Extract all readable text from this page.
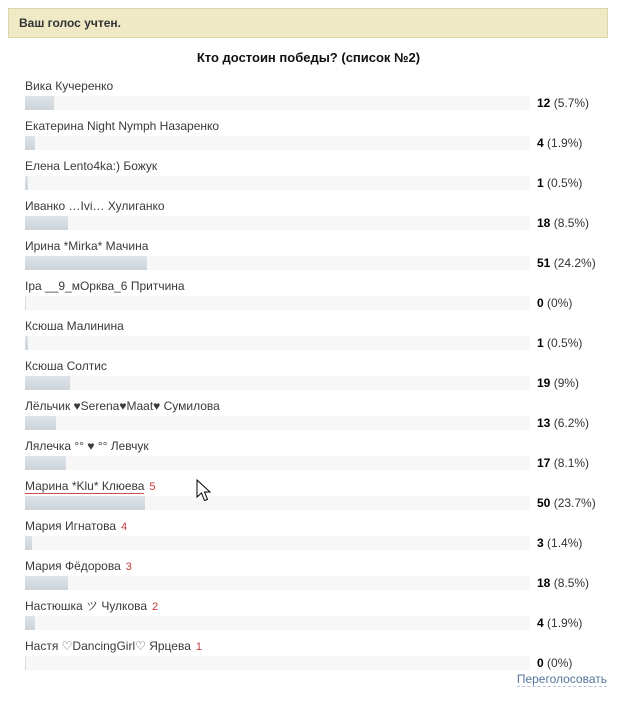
Ваш голос учтен.
Кто достоин победы? (список №2)
Вика Кучеренко
12 (5.7%)
Екатерина Night Nymph Назаренко
4 (1.9%)
Елена Lento4ka:) Божук
1 (0.5%)
Иванко …Ivi… Хулиганко
18 (8.5%)
Ирина *Mirka* Мачина
51 (24.2%)
Іра __9_мОрква_6 Притчина
0 (0%)
Ксюша Малинина
1 (0.5%)
Ксюша Солтис
19 (9%)
Лёльчик ♥Serena♥Maat♥ Сумилова
13 (6.2%)
Лялечка °° ♥ °° Левчук
17 (8.1%)
Марина *Klu* Клюева 5
50 (23.7%)
Мария Игнатова 4
3 (1.4%)
Мария Фёдорова 3
18 (8.5%)
Настюшка ツ Чулкова 2
4 (1.9%)
Настя ♡DancingGirl♡ Ярцева 1
0 (0%)
Переголосовать
